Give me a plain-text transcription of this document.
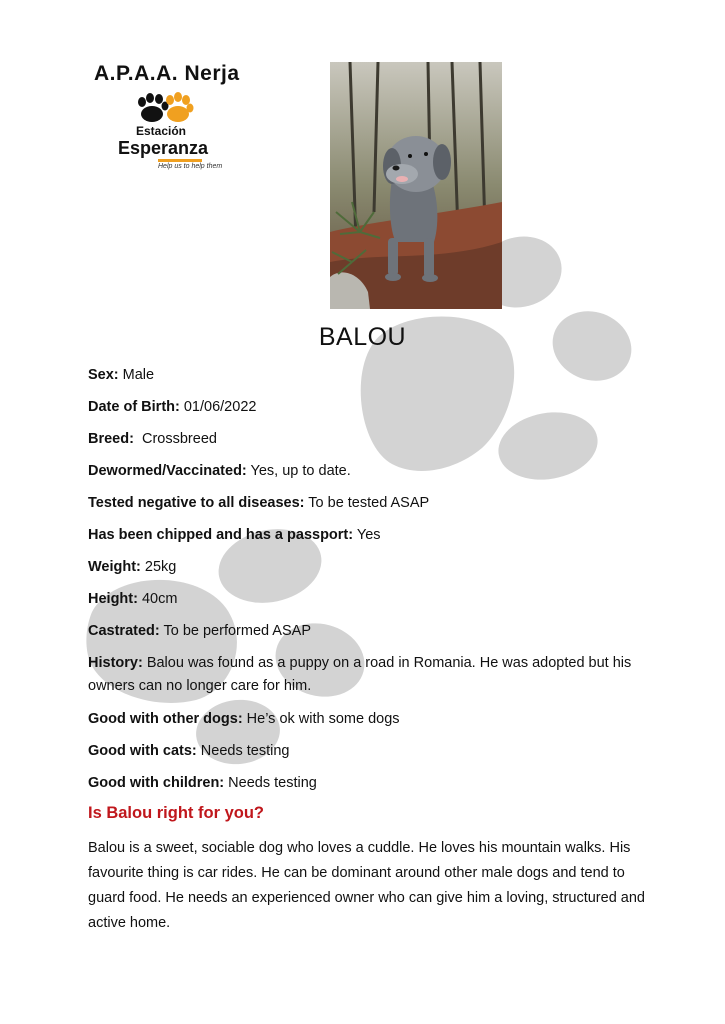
A.P.A.A. Nerja
Estación
Esperanza
Help us to help them
BALOU

Sex: Male

Date of Birth: 01/06/2022

Breed:  Crossbreed

Dewormed/Vaccinated: Yes, up to date.

Tested negative to all diseases: To be tested ASAP

Has been chipped and has a passport: Yes

Weight: 25kg

Height: 40cm

Castrated: To be performed ASAP

History: Balou was found as a puppy on a road in Romania. He was adopted but his owners can no longer care for him.

Good with other dogs: He’s ok with some dogs

Good with cats: Needs testing

Good with children: Needs testing

Is Balou right for you?
Balou is a sweet, sociable dog who loves a cuddle. He loves his mountain walks. His favourite thing is car rides. He can be dominant around other male dogs and tend to guard food. He needs an experienced owner who can give him a loving, structured and active home.
